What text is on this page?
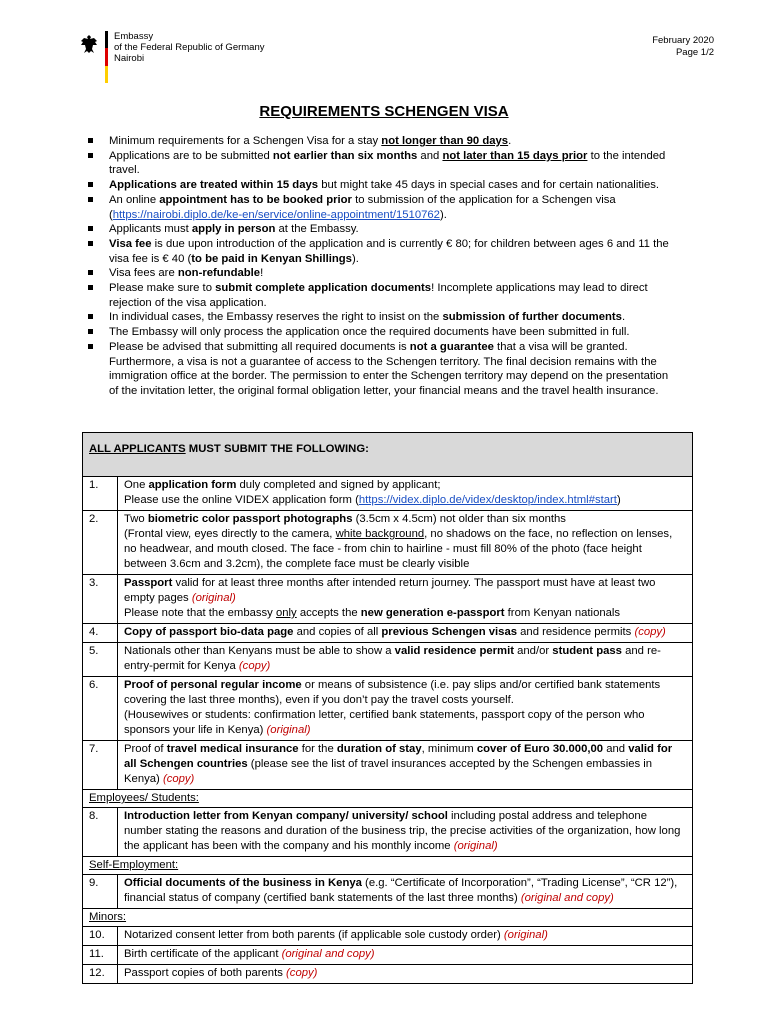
Embassy
of the Federal Republic of Germany
Nairobi
February 2020
Page 1/2
REQUIREMENTS SCHENGEN VISA
Minimum requirements for a Schengen Visa for a stay not longer than 90 days.
Applications are to be submitted not earlier than six months and not later than 15 days prior to the intended travel.
Applications are treated within 15 days but might take 45 days in special cases and for certain nationalities.
An online appointment has to be booked prior to submission of the application for a Schengen visa (https://nairobi.diplo.de/ke-en/service/online-appointment/1510762).
Applicants must apply in person at the Embassy.
Visa fee is due upon introduction of the application and is currently € 80; for children between ages 6 and 11 the visa fee is € 40 (to be paid in Kenyan Shillings).
Visa fees are non-refundable!
Please make sure to submit complete application documents! Incomplete applications may lead to direct rejection of the visa application.
In individual cases, the Embassy reserves the right to insist on the submission of further documents.
The Embassy will only process the application once the required documents have been submitted in full.
Please be advised that submitting all required documents is not a guarantee that a visa will be granted. Furthermore, a visa is not a guarantee of access to the Schengen territory. The final decision remains with the immigration office at the border. The permission to enter the Schengen territory may depend on the presentation of the invitation letter, the original formal obligation letter, your financial means and the travel health insurance.
ALL APPLICANTS MUST SUBMIT THE FOLLOWING:	
1.	One application form duly completed and signed by applicant;
Please use the online VIDEX application form (https://videx.diplo.de/videx/desktop/index.html#start)
2.	Two biometric color passport photographs (3.5cm x 4.5cm) not older than six months
(Frontal view, eyes directly to the camera, white background, no shadows on the face, no reflection on lenses, no headwear, and mouth closed. The face - from chin to hairline - must fill 80% of the photo (face height between 3.6cm and 3.2cm), the complete face must be clearly visible
3.	Passport valid for at least three months after intended return journey. The passport must have at least two empty pages (original)
Please note that the embassy only accepts the new generation e-passport from Kenyan nationals
4.	Copy of passport bio-data page and copies of all previous Schengen visas and residence permits (copy)
5.	Nationals other than Kenyans must be able to show a valid residence permit and/or student pass and re-entry-permit for Kenya (copy)
6.	Proof of personal regular income or means of subsistence (i.e. pay slips and/or certified bank statements covering the last three months), even if you don’t pay the travel costs yourself.
(Housewives or students: confirmation letter, certified bank statements, passport copy of the person who sponsors your life in Kenya) (original)
7.	Proof of travel medical insurance for the duration of stay, minimum cover of Euro 30.000,00 and valid for all Schengen countries (please see the list of travel insurances accepted by the Schengen embassies in Kenya) (copy)
Employees/ Students:	
8.	Introduction letter from Kenyan company/ university/ school including postal address and telephone number stating the reasons and duration of the business trip, the precise activities of the organization, how long the applicant has been with the company and his monthly income (original)
Self-Employment:	
9.	Official documents of the business in Kenya (e.g. “Certificate of Incorporation”, “Trading License”, “CR 12”), financial status of company (certified bank statements of the last three months) (original and copy)
Minors:	
10.	Notarized consent letter from both parents (if applicable sole custody order) (original)
11.	Birth certificate of the applicant (original and copy)
12.	Passport copies of both parents (copy)
